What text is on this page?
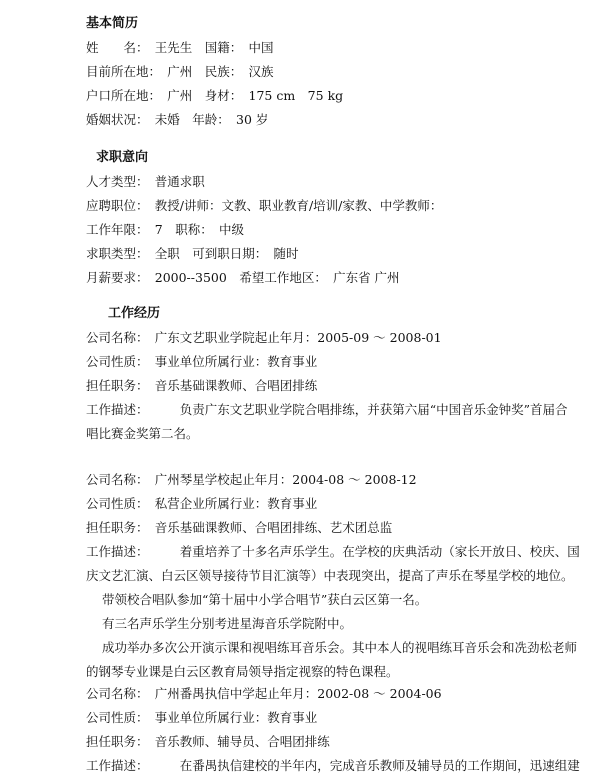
基本简历
姓　　名：　王先生　国籍：　中国
目前所在地：　广州　民族：　汉族
户口所在地：　广州　身材：　175 cm　75 kg
婚姻状况：　未婚　年龄：　30 岁
求职意向
人才类型：　普通求职
应聘职位：　教授/讲师：文教、职业教育/培训/家教、中学教师：
工作年限：　7　职称：　中级
求职类型：　全职　可到职日期：　随时
月薪要求：　2000--3500　希望工作地区：　广东省 广州
工作经历
公司名称：　广东文艺职业学院起止年月：2005-09 ～ 2008-01
公司性质：　事业单位所属行业：教育事业
担任职务：　音乐基础课教师、合唱团排练
工作描述：　　　负责广东文艺职业学院合唱排练，并获第六届“中国音乐金钟奖”首届合
唱比赛金奖第二名。
公司名称：　广州琴星学校起止年月：2004-08 ～ 2008-12
公司性质：　私营企业所属行业：教育事业
担任职务：　音乐基础课教师、合唱团排练、艺术团总监
工作描述：　　　着重培养了十多名声乐学生。在学校的庆典活动（家长开放日、校庆、国
庆文艺汇演、白云区领导接待节目汇演等）中表现突出，提高了声乐在琴星学校的地位。
带领校合唱队参加“第十届中小学合唱节”获白云区第一名。
有三名声乐学生分别考进星海音乐学院附中。
成功举办多次公开演示课和视唱练耳音乐会。其中本人的视唱练耳音乐会和冼劲松老师
的钢琴专业课是白云区教育局领导指定视察的特色课程。
公司名称：　广州番禺执信中学起止年月：2002-08 ～ 2004-06
公司性质：　事业单位所属行业：教育事业
担任职务：　音乐教师、辅导员、合唱团排练
工作描述：　　　在番禺执信建校的半年内，完成音乐教师及辅导员的工作期间，迅速组建
